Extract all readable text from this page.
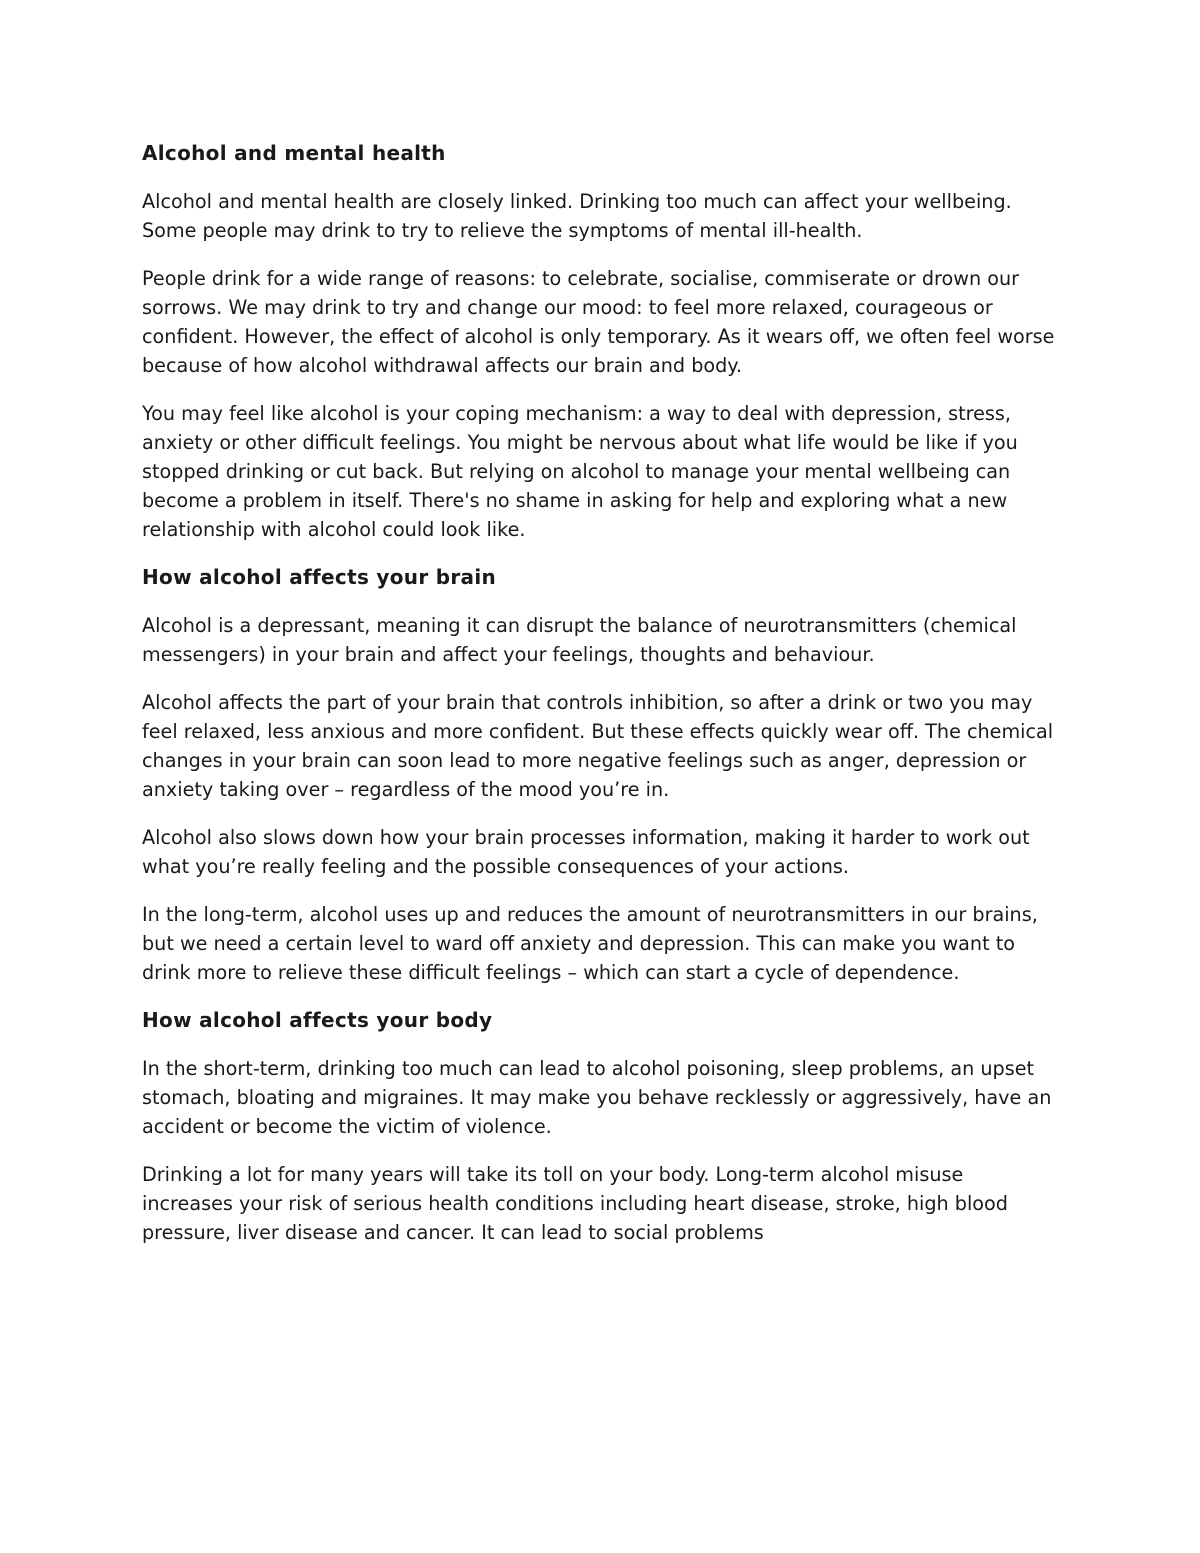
Alcohol and mental health

Alcohol and mental health are closely linked. Drinking too much can affect your wellbeing. Some people may drink to try to relieve the symptoms of mental ill-health.

People drink for a wide range of reasons: to celebrate, socialise, commiserate or drown our sorrows. We may drink to try and change our mood: to feel more relaxed, courageous or confident. However, the effect of alcohol is only temporary. As it wears off, we often feel worse because of how alcohol withdrawal affects our brain and body.

You may feel like alcohol is your coping mechanism: a way to deal with depression, stress, anxiety or other difficult feelings. You might be nervous about what life would be like if you stopped drinking or cut back. But relying on alcohol to manage your mental wellbeing can become a problem in itself. There's no shame in asking for help and exploring what a new relationship with alcohol could look like.

How alcohol affects your brain

Alcohol is a depressant, meaning it can disrupt the balance of neurotransmitters (chemical messengers) in your brain and affect your feelings, thoughts and behaviour.

Alcohol affects the part of your brain that controls inhibition, so after a drink or two you may feel relaxed, less anxious and more confident. But these effects quickly wear off. The chemical changes in your brain can soon lead to more negative feelings such as anger, depression or anxiety taking over – regardless of the mood you’re in.

Alcohol also slows down how your brain processes information, making it harder to work out what you’re really feeling and the possible consequences of your actions.

In the long-term, alcohol uses up and reduces the amount of neurotransmitters in our brains, but we need a certain level to ward off anxiety and depression. This can make you want to drink more to relieve these difficult feelings – which can start a cycle of dependence.

How alcohol affects your body

In the short-term, drinking too much can lead to alcohol poisoning, sleep problems, an upset stomach, bloating and migraines. It may make you behave recklessly or aggressively, have an accident or become the victim of violence.

Drinking a lot for many years will take its toll on your body. Long-term alcohol misuse increases your risk of serious health conditions including heart disease, stroke, high blood pressure, liver disease and cancer. It can lead to social problems
